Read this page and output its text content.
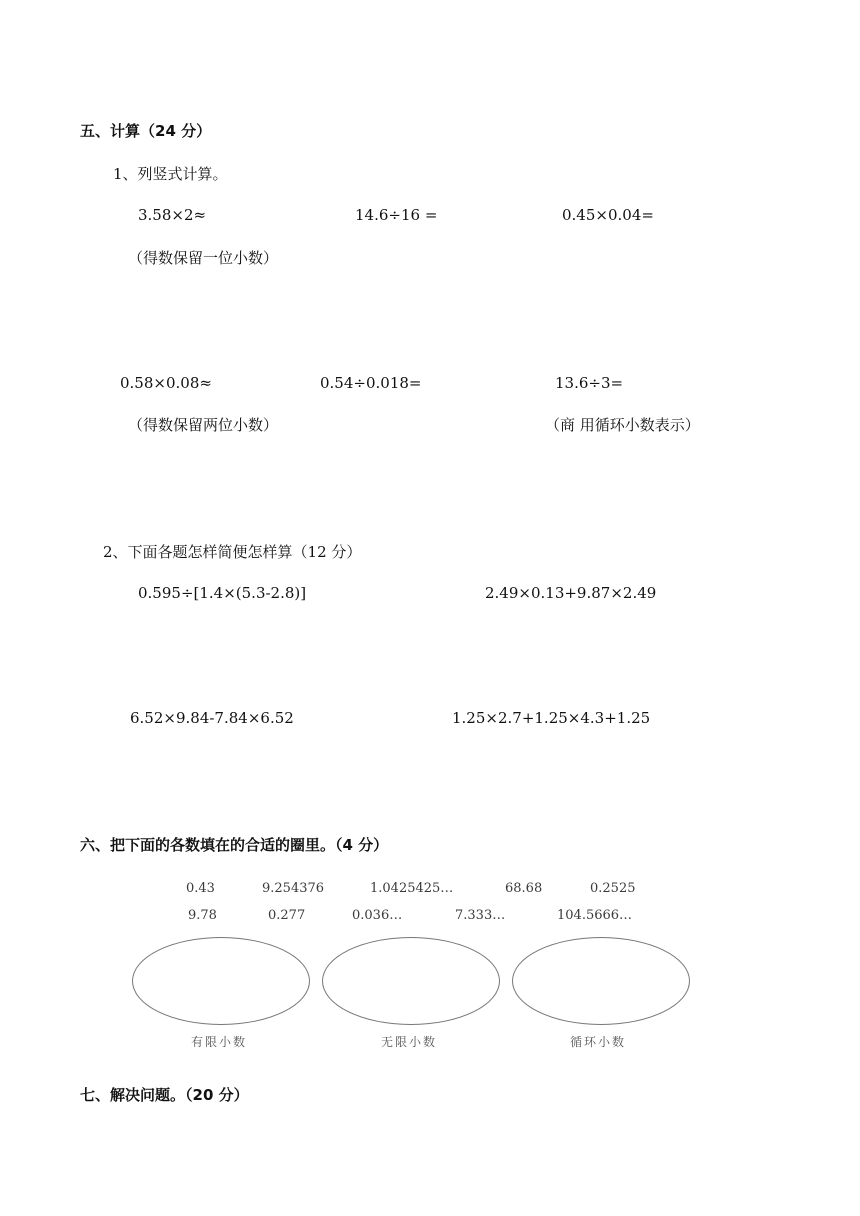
五、计算（24 分）
1、列竖式计算。
3.58×2≈	14.6÷16 =	0.45×0.04=
（得数保留一位小数）
0.58×0.08≈	0.54÷0.018=	13.6÷3=
（得数保留两位小数）	（商 用循环小数表示）
2、下面各题怎样简便怎样算（12 分）
0.595÷[1.4×(5.3-2.8)]	2.49×0.13+9.87×2.49
6.52×9.84-7.84×6.52	1.25×2.7+1.25×4.3+1.25
六、把下面的各数填在的合适的圈里。（4 分）
0.43	9.254376	1.0425425…	68.68	0.2525
9.78	0.277	0.036…	7.333…	104.5666…
有限小数	无限小数	循环小数
七、解决问题。（20 分）
